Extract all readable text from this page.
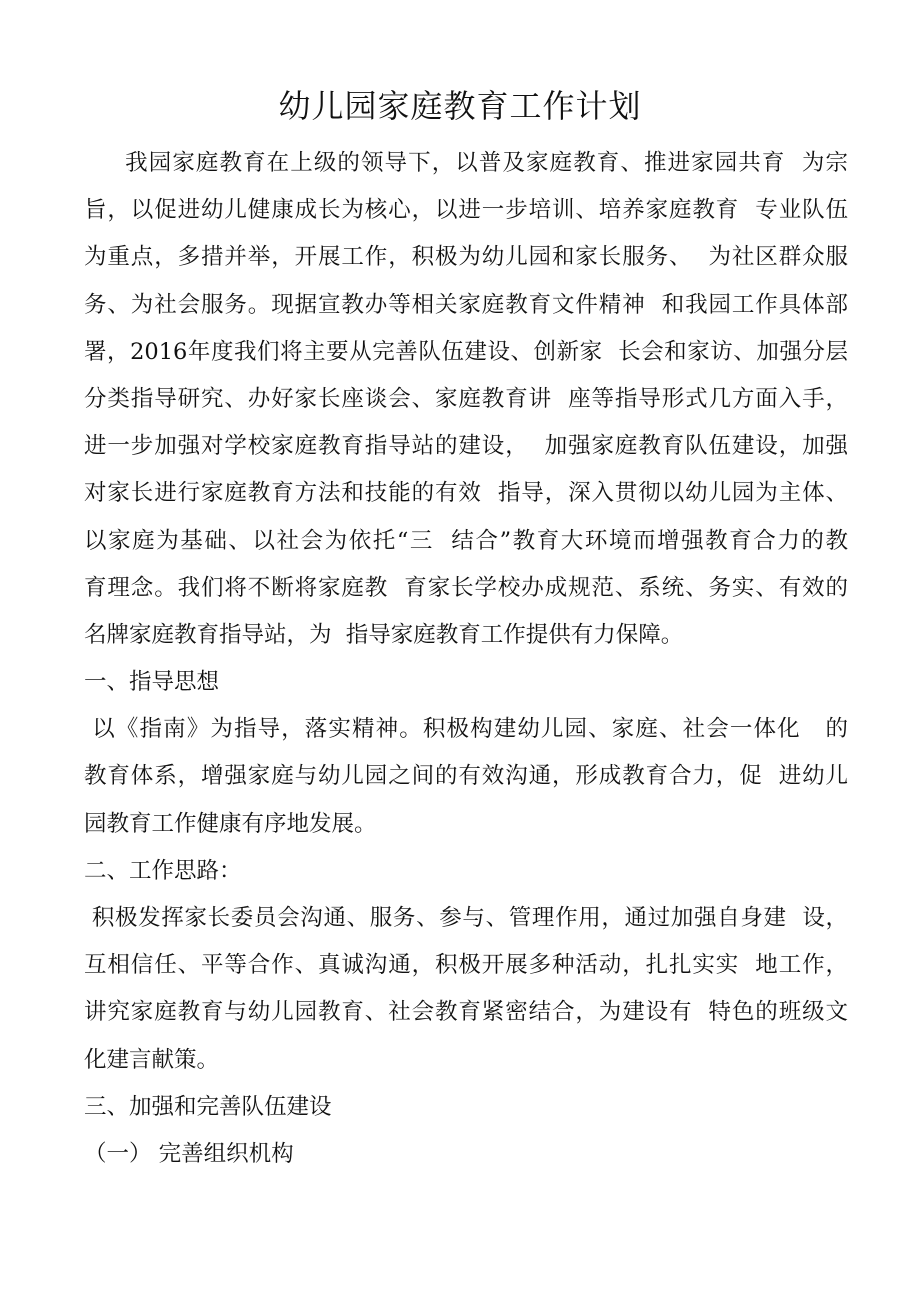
幼儿园家庭教育工作计划
我园家庭教育在上级的领导下，以普及家庭教育、推进家园共育  为宗
旨，以促进幼儿健康成长为核心，以进一步培训、培养家庭教育  专业队伍
为重点，多措并举，开展工作，积极为幼儿园和家长服务、  为社区群众服
务、为社会服务。现据宣教办等相关家庭教育文件精神  和我园工作具体部
署，2016年度我们将主要从完善队伍建设、创新家  长会和家访、加强分层
分类指导研究、办好家长座谈会、家庭教育讲  座等指导形式几方面入手，
进一步加强对学校家庭教育指导站的建设，  加强家庭教育队伍建设，加强
对家长进行家庭教育方法和技能的有效  指导，深入贯彻以幼儿园为主体、
以家庭为基础、以社会为依托“三  结合”教育大环境而增强教育合力的教
育理念。我们将不断将家庭教  育家长学校办成规范、系统、务实、有效的
名牌家庭教育指导站，为  指导家庭教育工作提供有力保障。
一、指导思想
以《指南》为指导，落实精神。积极构建幼儿园、家庭、社会一体化   的
教育体系，增强家庭与幼儿园之间的有效沟通，形成教育合力，促  进幼儿
园教育工作健康有序地发展。
二、工作思路：
积极发挥家长委员会沟通、服务、参与、管理作用，通过加强自身建  设，
互相信任、平等合作、真诚沟通，积极开展多种活动，扎扎实实  地工作，
讲究家庭教育与幼儿园教育、社会教育紧密结合，为建设有  特色的班级文
化建言献策。
三、加强和完善队伍建设
（一） 完善组织机构
